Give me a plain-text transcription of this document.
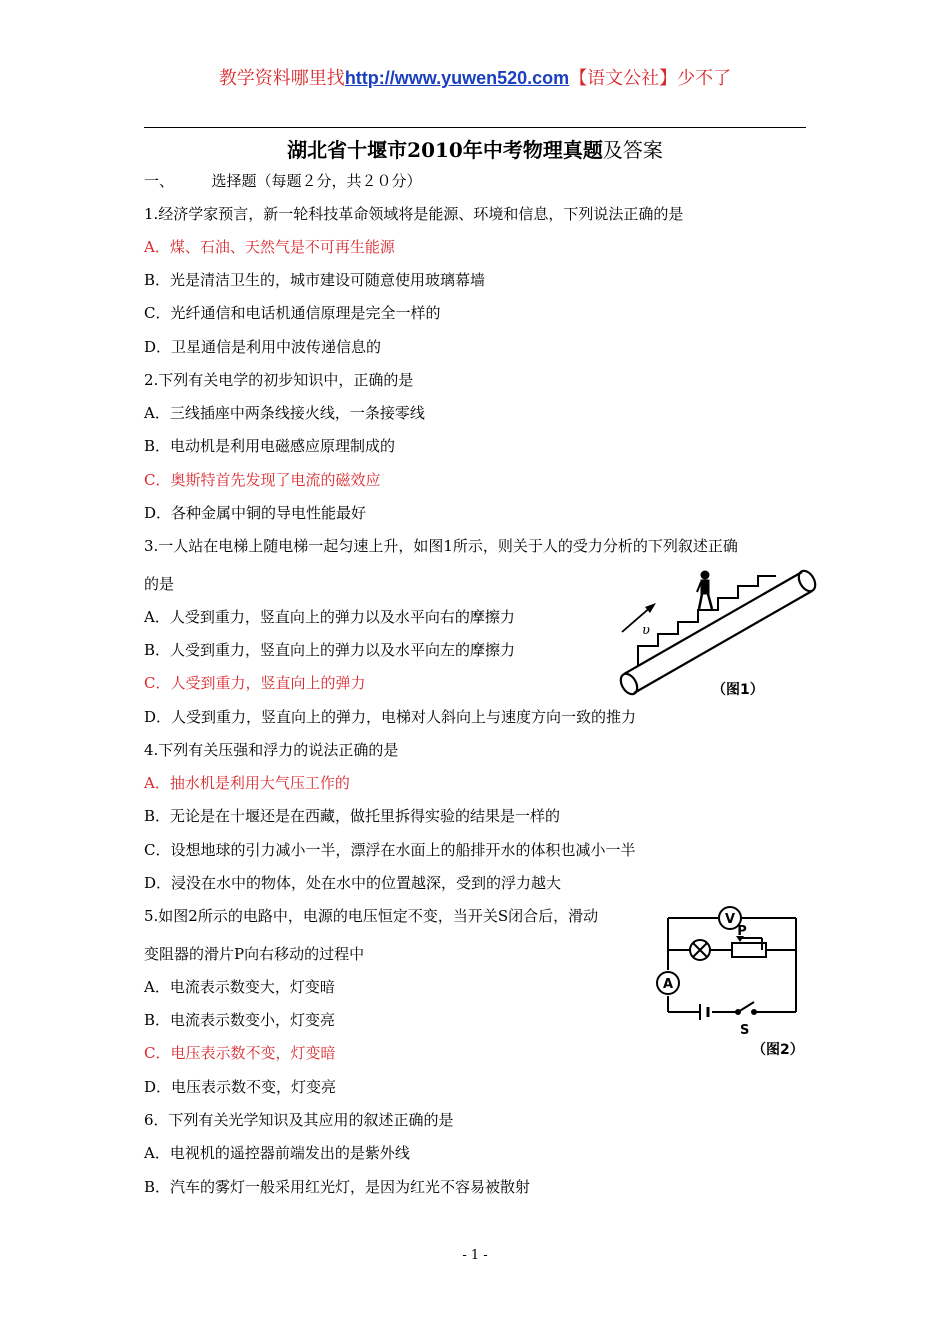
教学资料哪里找http://www.yuwen520.com【语文公社】少不了
湖北省十堰市2010年中考物理真题及答案
一、　　　选择题（每题２分，共２０分）
1.经济学家预言，新一轮科技革命领域将是能源、环境和信息，下列说法正确的是
A．煤、石油、天然气是不可再生能源
B．光是清洁卫生的，城市建设可随意使用玻璃幕墙
C．光纤通信和电话机通信原理是完全一样的
D．卫星通信是利用中波传递信息的
2.下列有关电学的初步知识中，正确的是
A．三线插座中两条线接火线，一条接零线
B．电动机是利用电磁感应原理制成的
C．奥斯特首先发现了电流的磁效应
D．各种金属中铜的导电性能最好
3.一人站在电梯上随电梯一起匀速上升，如图1所示，则关于人的受力分析的下列叙述正确
的是
A．人受到重力，竖直向上的弹力以及水平向右的摩擦力
B．人受到重力，竖直向上的弹力以及水平向左的摩擦力
C．人受到重力，竖直向上的弹力
D．人受到重力，竖直向上的弹力，电梯对人斜向上与速度方向一致的推力
4.下列有关压强和浮力的说法正确的是
A．抽水机是利用大气压工作的
B．无论是在十堰还是在西藏，做托里拆得实验的结果是一样的
C．设想地球的引力减小一半，漂浮在水面上的船排开水的体积也减小一半
D．浸没在水中的物体，处在水中的位置越深，受到的浮力越大
5.如图2所示的电路中，电源的电压恒定不变，当开关S闭合后，滑动
变阻器的滑片P向右移动的过程中
A．电流表示数变大，灯变暗
B．电流表示数变小，灯变亮
C．电压表示数不变，灯变暗
D．电压表示数不变，灯变亮
6．下列有关光学知识及其应用的叙述正确的是
A．电视机的遥控器前端发出的是紫外线
B．汽车的雾灯一般采用红光灯，是因为红光不容易被散射
υ
（图1）
V
P
A
S
（图2）
- 1 -
